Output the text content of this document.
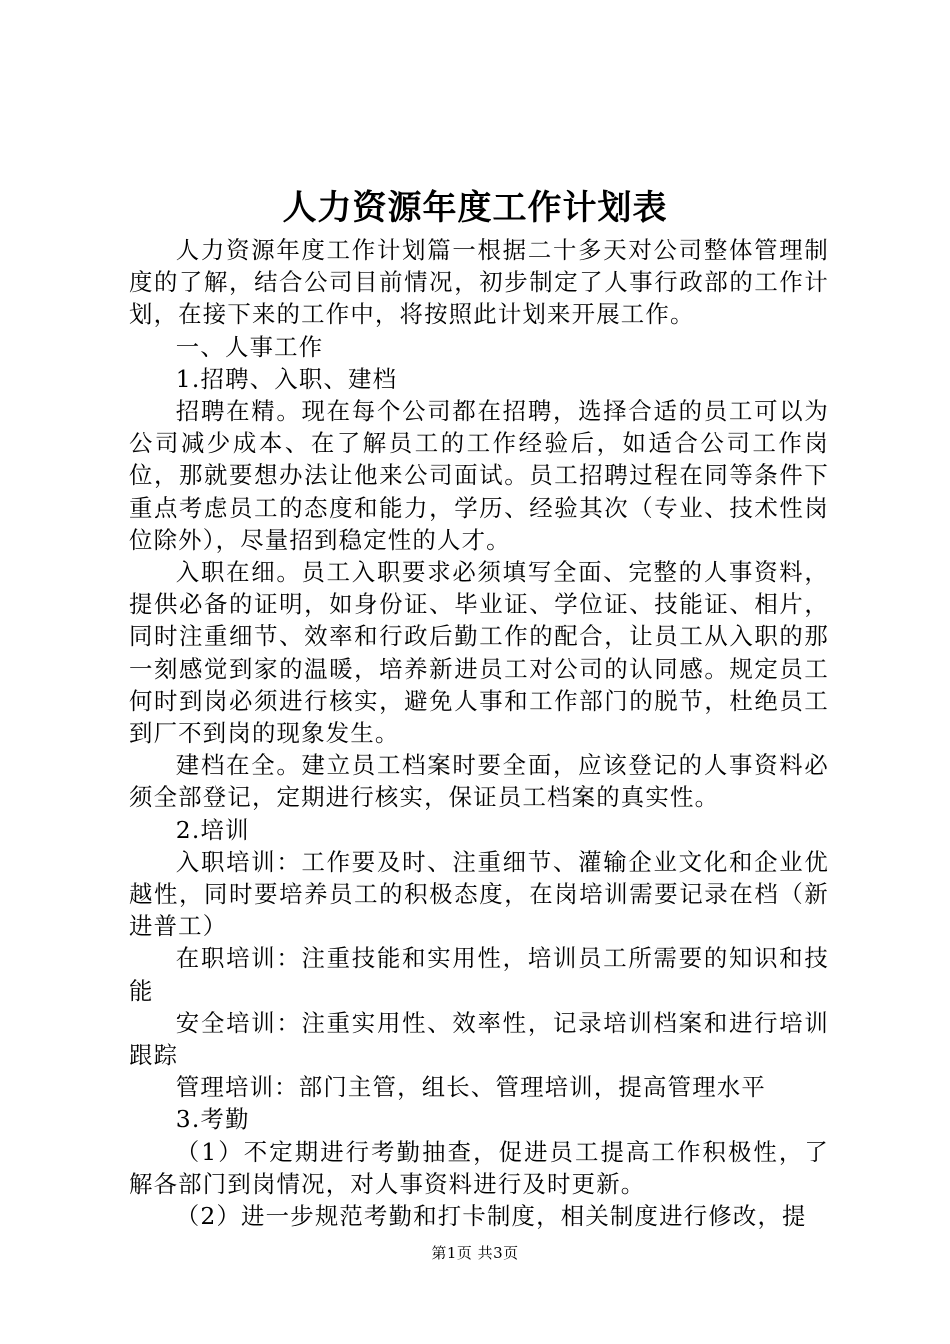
人力资源年度工作计划表

人力资源年度工作计划篇一根据二十多天对公司整体管理制度的了解，结合公司目前情况，初步制定了人事行政部的工作计划，在接下来的工作中，将按照此计划来开展工作。

一、人事工作

1.招聘、入职、建档

招聘在精。现在每个公司都在招聘，选择合适的员工可以为公司减少成本、在了解员工的工作经验后，如适合公司工作岗位，那就要想办法让他来公司面试。员工招聘过程在同等条件下重点考虑员工的态度和能力，学历、经验其次（专业、技术性岗位除外），尽量招到稳定性的人才。

入职在细。员工入职要求必须填写全面、完整的人事资料，提供必备的证明，如身份证、毕业证、学位证、技能证、相片，同时注重细节、效率和行政后勤工作的配合，让员工从入职的那一刻感觉到家的温暖，培养新进员工对公司的认同感。规定员工何时到岗必须进行核实，避免人事和工作部门的脱节，杜绝员工到厂不到岗的现象发生。

建档在全。建立员工档案时要全面，应该登记的人事资料必须全部登记，定期进行核实，保证员工档案的真实性。

2.培训

入职培训：工作要及时、注重细节、灌输企业文化和企业优越性，同时要培养员工的积极态度，在岗培训需要记录在档（新进普工）

在职培训：注重技能和实用性，培训员工所需要的知识和技能

安全培训：注重实用性、效率性，记录培训档案和进行培训跟踪

管理培训：部门主管，组长、管理培训，提高管理水平

3.考勤

（1）不定期进行考勤抽查，促进员工提高工作积极性，了解各部门到岗情况，对人事资料进行及时更新。

（2）进一步规范考勤和打卡制度，相关制度进行修改，提

第1页 共3页
